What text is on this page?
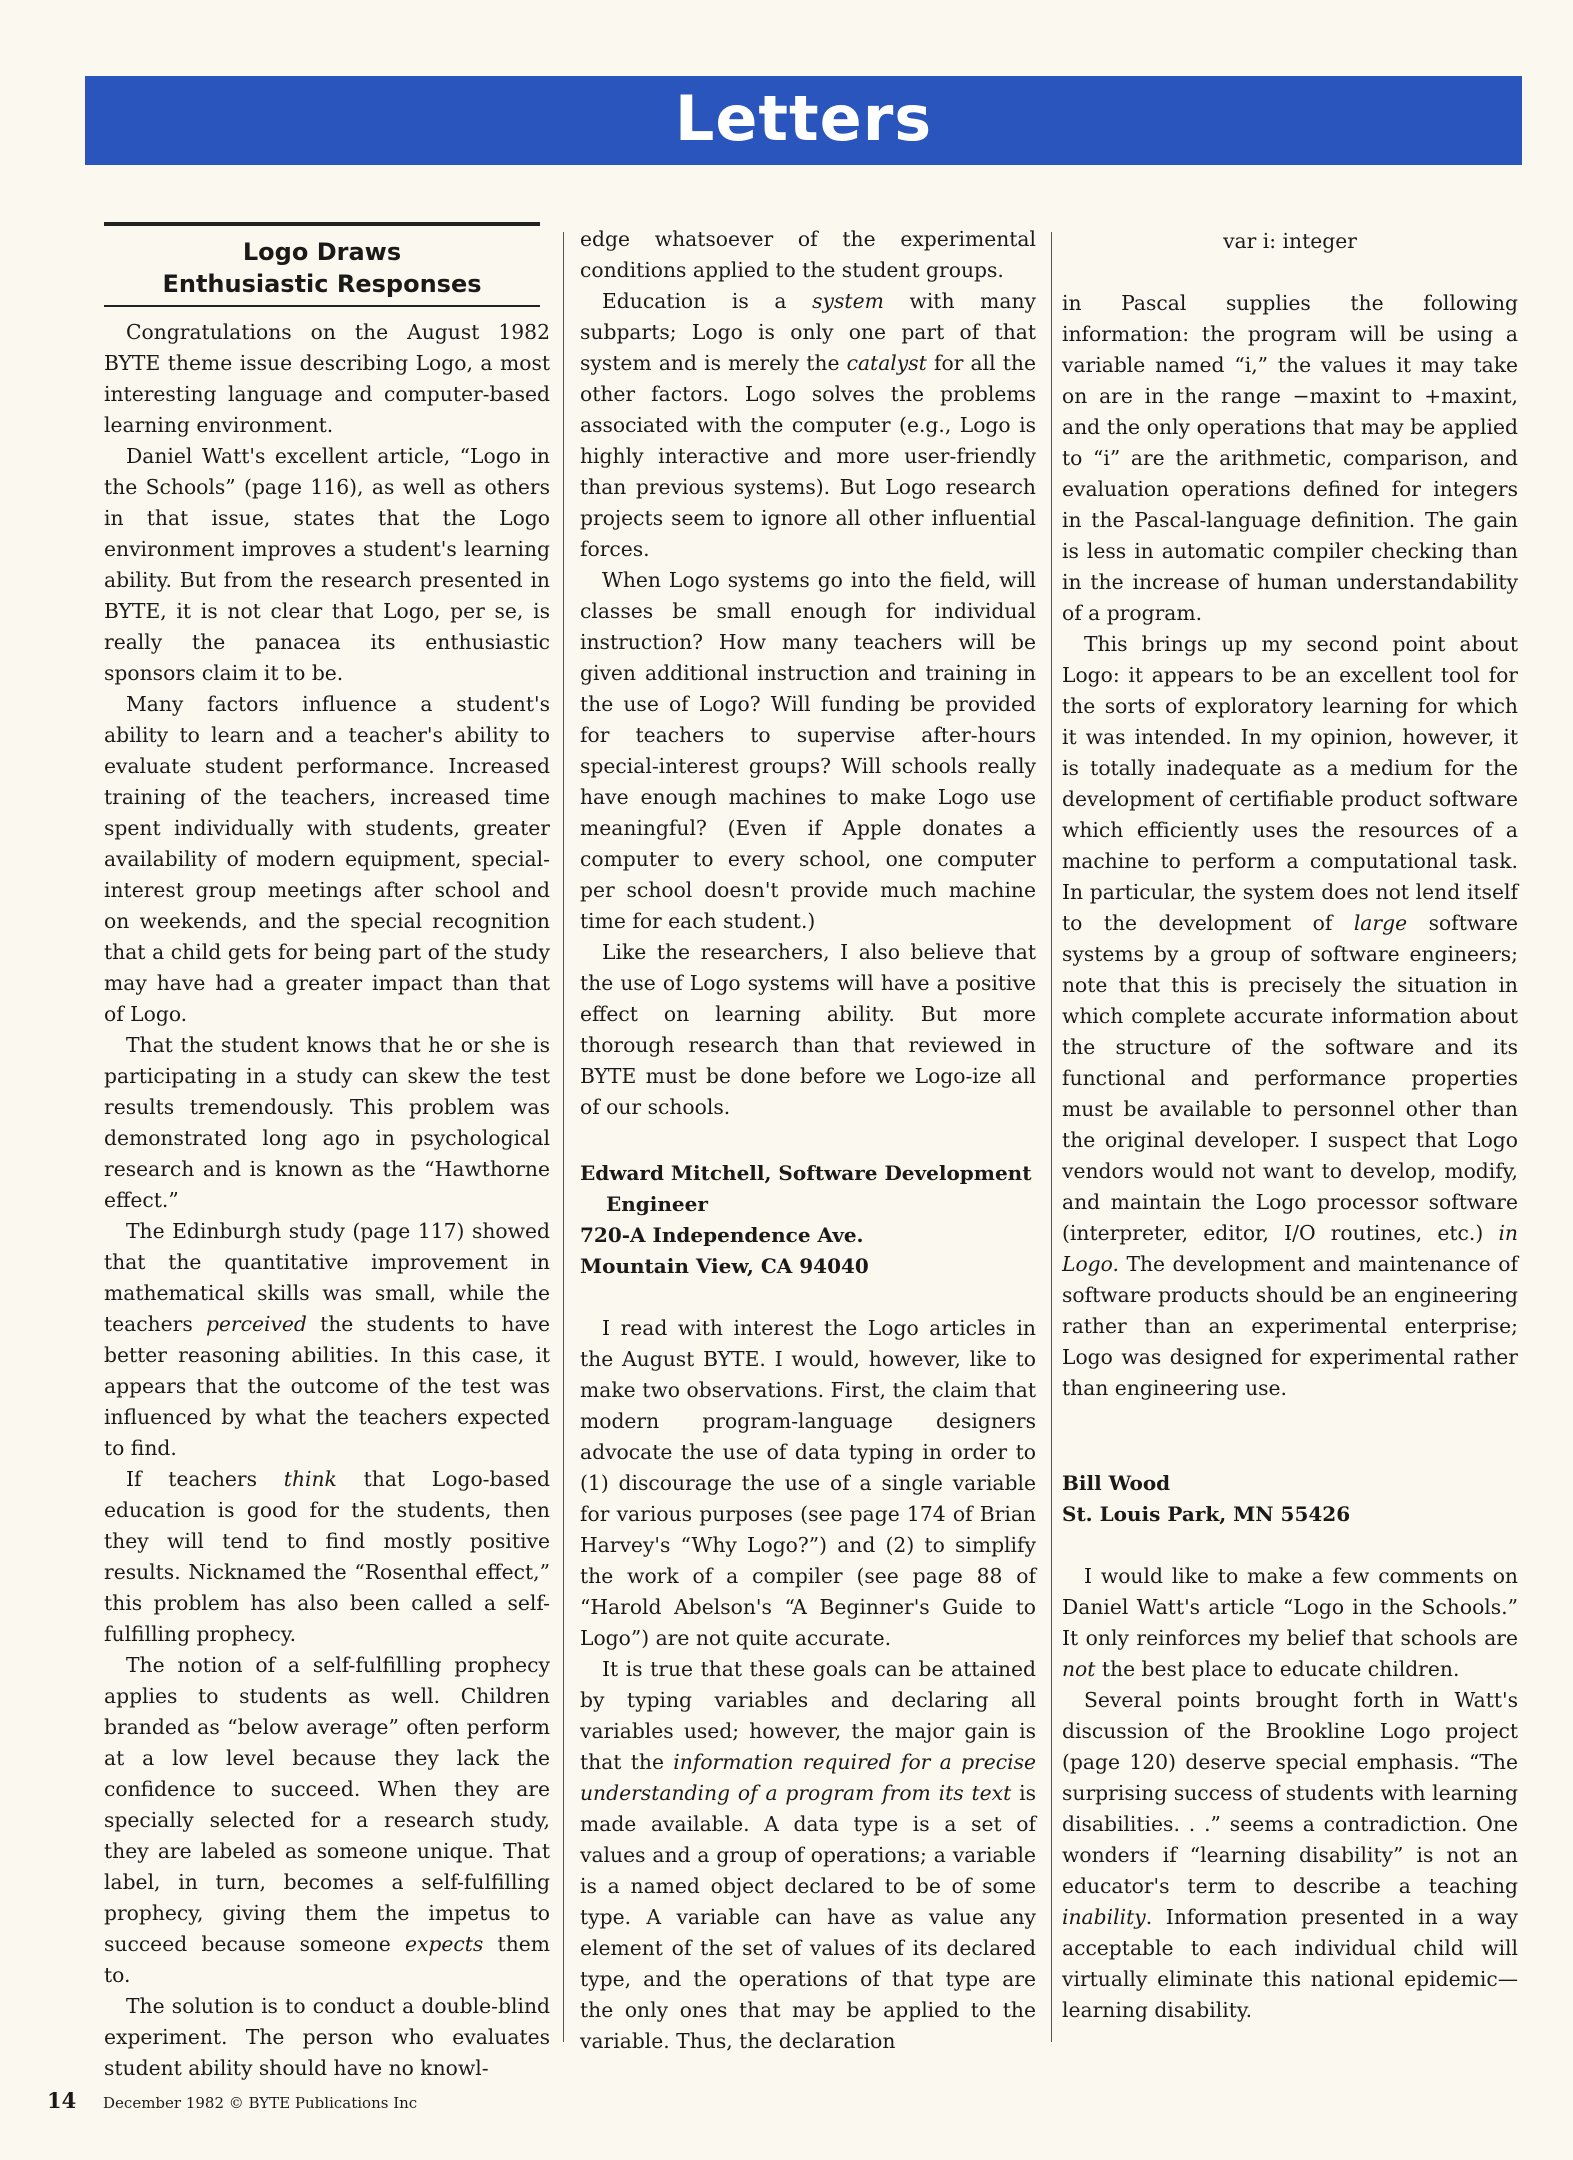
Letters
Logo Draws
Enthusiastic Responses

Congratulations on the August 1982 BYTE theme issue describing Logo, a most interesting language and computer-based learning environment.

Daniel Watt's excellent article, “Logo in the Schools” (page 116), as well as others in that issue, states that the Logo environment improves a student's learning ability. But from the research presented in BYTE, it is not clear that Logo, per se, is really the panacea its enthusiastic sponsors claim it to be.

Many factors influence a student's ability to learn and a teacher's ability to evaluate student performance. Increased training of the teachers, increased time spent individually with students, greater availability of modern equipment, special-interest group meetings after school and on weekends, and the special recognition that a child gets for being part of the study may have had a greater impact than that of Logo.

That the student knows that he or she is participating in a study can skew the test results tremendously. This problem was demonstrated long ago in psychological research and is known as the “Hawthorne effect.”

The Edinburgh study (page 117) showed that the quantitative improvement in mathematical skills was small, while the teachers perceived the students to have better reasoning abilities. In this case, it appears that the outcome of the test was influenced by what the teachers expected to find.

If teachers think that Logo-based education is good for the students, then they will tend to find mostly positive results. Nicknamed the “Rosenthal effect,” this problem has also been called a self-fulfilling prophecy.

The notion of a self-fulfilling prophecy applies to students as well. Children branded as “below average” often perform at a low level because they lack the confidence to succeed. When they are specially selected for a research study, they are labeled as someone unique. That label, in turn, becomes a self-fulfilling prophecy, giving them the impetus to succeed because someone expects them to.

The solution is to conduct a double-blind experiment. The person who evaluates student ability should have no knowl-

edge whatsoever of the experimental conditions applied to the student groups.

Education is a system with many subparts; Logo is only one part of that system and is merely the catalyst for all the other factors. Logo solves the problems associated with the computer (e.g., Logo is highly interactive and more user-friendly than previous systems). But Logo research projects seem to ignore all other influential forces.

When Logo systems go into the field, will classes be small enough for individual instruction? How many teachers will be given additional instruction and training in the use of Logo? Will funding be provided for teachers to supervise after-hours special-interest groups? Will schools really have enough machines to make Logo use meaningful? (Even if Apple donates a computer to every school, one computer per school doesn't provide much machine time for each student.)

Like the researchers, I also believe that the use of Logo systems will have a positive effect on learning ability. But more thorough research than that reviewed in BYTE must be done before we Logo-ize all of our schools.

Edward Mitchell, Software Development
Engineer
720-A Independence Ave.
Mountain View, CA 94040

I read with interest the Logo articles in the August BYTE. I would, however, like to make two observations. First, the claim that modern program-language designers advocate the use of data typing in order to (1) discourage the use of a single variable for various purposes (see page 174 of Brian Harvey's “Why Logo?”) and (2) to simplify the work of a compiler (see page 88 of “Harold Abelson's “A Beginner's Guide to Logo”) are not quite accurate.

It is true that these goals can be attained by typing variables and declaring all variables used; however, the major gain is that the information required for a precise understanding of a program from its text is made available. A data type is a set of values and a group of operations; a variable is a named object declared to be of some type. A variable can have as value any element of the set of values of its declared type, and the operations of that type are the only ones that may be applied to the variable. Thus, the declaration

var i: integer

in Pascal supplies the following information: the program will be using a variable named “i,” the values it may take on are in the range −maxint to +maxint, and the only operations that may be applied to “i” are the arithmetic, comparison, and evaluation operations defined for integers in the Pascal-language definition. The gain is less in automatic compiler checking than in the increase of human understandability of a program.

This brings up my second point about Logo: it appears to be an excellent tool for the sorts of exploratory learning for which it was intended. In my opinion, however, it is totally inadequate as a medium for the development of certifiable product software which efficiently uses the resources of a machine to perform a computational task. In particular, the system does not lend itself to the development of large software systems by a group of software engineers; note that this is precisely the situation in which complete accurate information about the structure of the software and its functional and performance properties must be available to personnel other than the original developer. I suspect that Logo vendors would not want to develop, modify, and maintain the Logo processor software (interpreter, editor, I/O routines, etc.) in Logo. The development and maintenance of software products should be an engineering rather than an experimental enterprise; Logo was designed for experimental rather than engineering use.

Bill Wood
St. Louis Park, MN 55426

I would like to make a few comments on Daniel Watt's article “Logo in the Schools.” It only reinforces my belief that schools are not the best place to educate children.

Several points brought forth in Watt's discussion of the Brookline Logo project (page 120) deserve special emphasis. “The surprising success of students with learning disabilities. . .” seems a contradiction. One wonders if “learning disability” is not an educator's term to describe a teaching inability. Information presented in a way acceptable to each individual child will virtually eliminate this national epidemic—learning disability.

14 December 1982 © BYTE Publications Inc
